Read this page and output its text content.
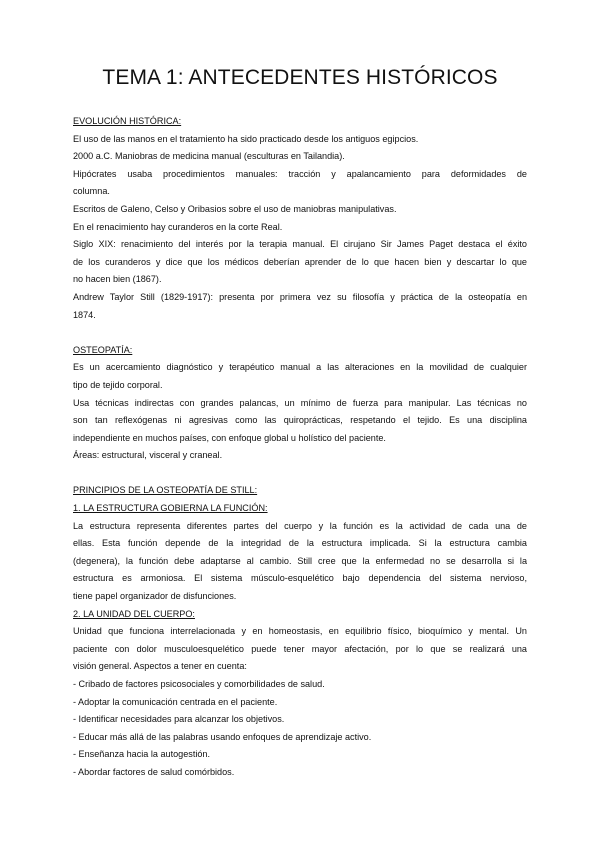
TEMA 1: ANTECEDENTES HISTÓRICOS
EVOLUCIÓN HISTÓRICA:
El uso de las manos en el tratamiento ha sido practicado desde los antiguos egipcios.
2000 a.C. Maniobras de medicina manual (esculturas en Tailandia).
Hipócrates usaba procedimientos manuales: tracción y apalancamiento para deformidades de
columna.
Escritos de Galeno, Celso y Oribasios sobre el uso de maniobras manipulativas.
En el renacimiento hay curanderos en la corte Real.
Siglo XIX: renacimiento del interés por la terapia manual. El cirujano Sir James Paget destaca el éxito
de los curanderos y dice que los médicos deberían aprender de lo que hacen bien y descartar lo que
no hacen bien (1867).
Andrew Taylor Still (1829-1917): presenta por primera vez su filosofía y práctica de la osteopatía en
1874.
OSTEOPATÍA:
Es un acercamiento diagnóstico y terapéutico manual a las alteraciones en la movilidad de cualquier
tipo de tejido corporal.
Usa técnicas indirectas con grandes palancas, un mínimo de fuerza para manipular. Las técnicas no
son tan reflexógenas ni agresivas como las quiroprácticas, respetando el tejido. Es una disciplina
independiente en muchos países, con enfoque global u holístico del paciente.
Áreas: estructural, visceral y craneal.
PRINCIPIOS DE LA OSTEOPATÍA DE STILL:
1. LA ESTRUCTURA GOBIERNA LA FUNCIÓN:
La estructura representa diferentes partes del cuerpo y la función es la actividad de cada una de
ellas. Esta función depende de la integridad de la estructura implicada. Si la estructura cambia
(degenera), la función debe adaptarse al cambio. Still cree que la enfermedad no se desarrolla si la
estructura es armoniosa. El sistema músculo-esquelético bajo dependencia del sistema nervioso,
tiene papel organizador de disfunciones.
2. LA UNIDAD DEL CUERPO:
Unidad que funciona interrelacionada y en homeostasis, en equilibrio físico, bioquímico y mental. Un
paciente con dolor musculoesquelético puede tener mayor afectación, por lo que se realizará una
visión general. Aspectos a tener en cuenta:
- Cribado de factores psicosociales y comorbilidades de salud.
- Adoptar la comunicación centrada en el paciente.
- Identificar necesidades para alcanzar los objetivos.
- Educar más allá de las palabras usando enfoques de aprendizaje activo.
- Enseñanza hacia la autogestión.
- Abordar factores de salud comórbidos.
